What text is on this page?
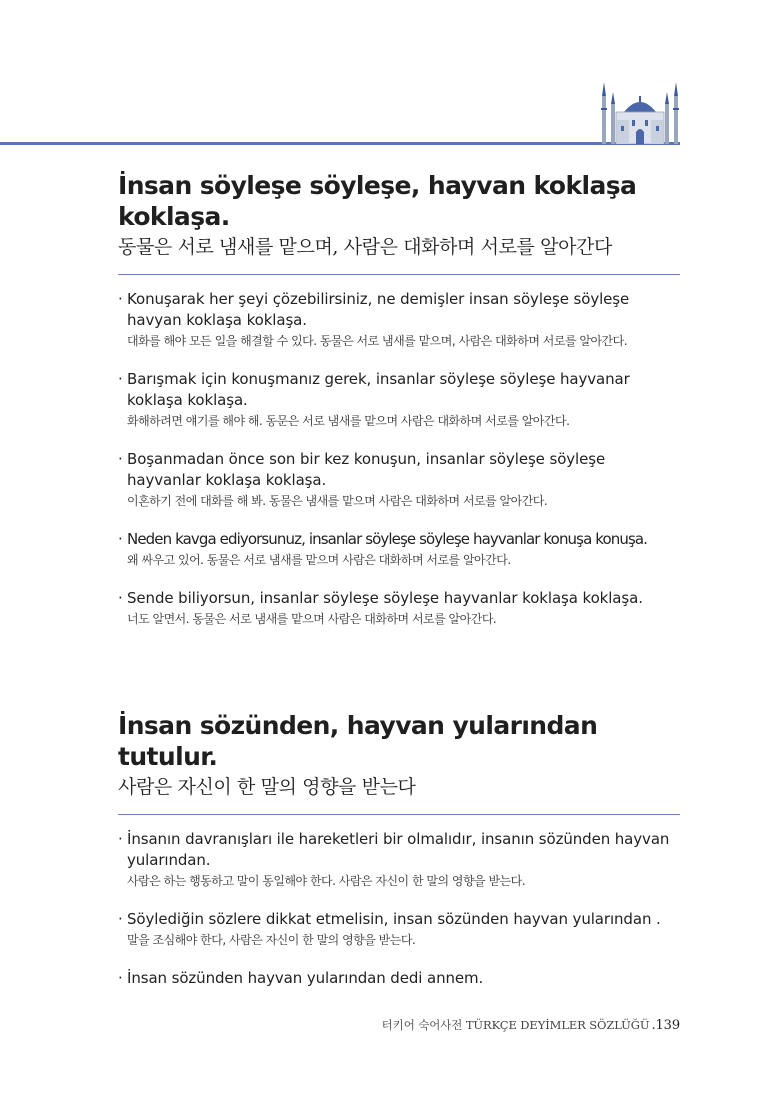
İnsan söyleşe söyleşe, hayvan koklaşa koklaşa.
동물은 서로 냄새를 맡으며, 사람은 대화하며 서로를 알아간다
· Konuşarak her şeyi çözebilirsiniz, ne demişler insan söyleşe söyleşe havyan koklaşa koklaşa.
대화를 해야 모든 일을 해결할 수 있다. 동물은 서로 냄새를 맡으며, 사람은 대화하며 서로를 알아간다.
· Barışmak için konuşmanız gerek, insanlar söyleşe söyleşe hayvanar koklaşa koklaşa.
화해하려면 얘기를 해야 해. 동문은 서로 냄새를 맡으며 사람은 대화하며 서로를 알아간다.
· Boşanmadan önce son bir kez konuşun, insanlar söyleşe söyleşe hayvanlar koklaşa koklaşa.
이혼하기 전에 대화를 해 봐. 동물은 냄새를 맡으며 사람은 대화하며 서로를 알아간다.
· Neden kavga ediyorsunuz, insanlar söyleşe söyleşe hayvanlar konuşa konuşa.
왜 싸우고 있어. 동물은 서로 냄새를 맡으며 사람은 대화하며 서로를 알아간다.
· Sende biliyorsun, insanlar söyleşe söyleşe hayvanlar koklaşa koklaşa.
너도 알면서. 동물은 서로 냄새를 맡으며 사람은 대화하며 서로를 알아간다.
İnsan sözünden, hayvan yularından tutulur.
사람은 자신이 한 말의 영향을 받는다
· İnsanın davranışları ile hareketleri bir olmalıdır, insanın sözünden hayvan yularından.
사람은 하는 행동하고 말이 동일해야 한다. 사람은 자신이 한 말의 영향을 받는다.
· Söylediğin sözlere dikkat etmelisin, insan sözünden hayvan yularından .
말을 조심해야 한다, 사람은 자신이 한 말의 영향을 받는다.
· İnsan sözünden hayvan yularından dedi annem.
터키어 숙어사전 TÜRKÇE DEYİMLER SÖZLÜĞÜ .139
